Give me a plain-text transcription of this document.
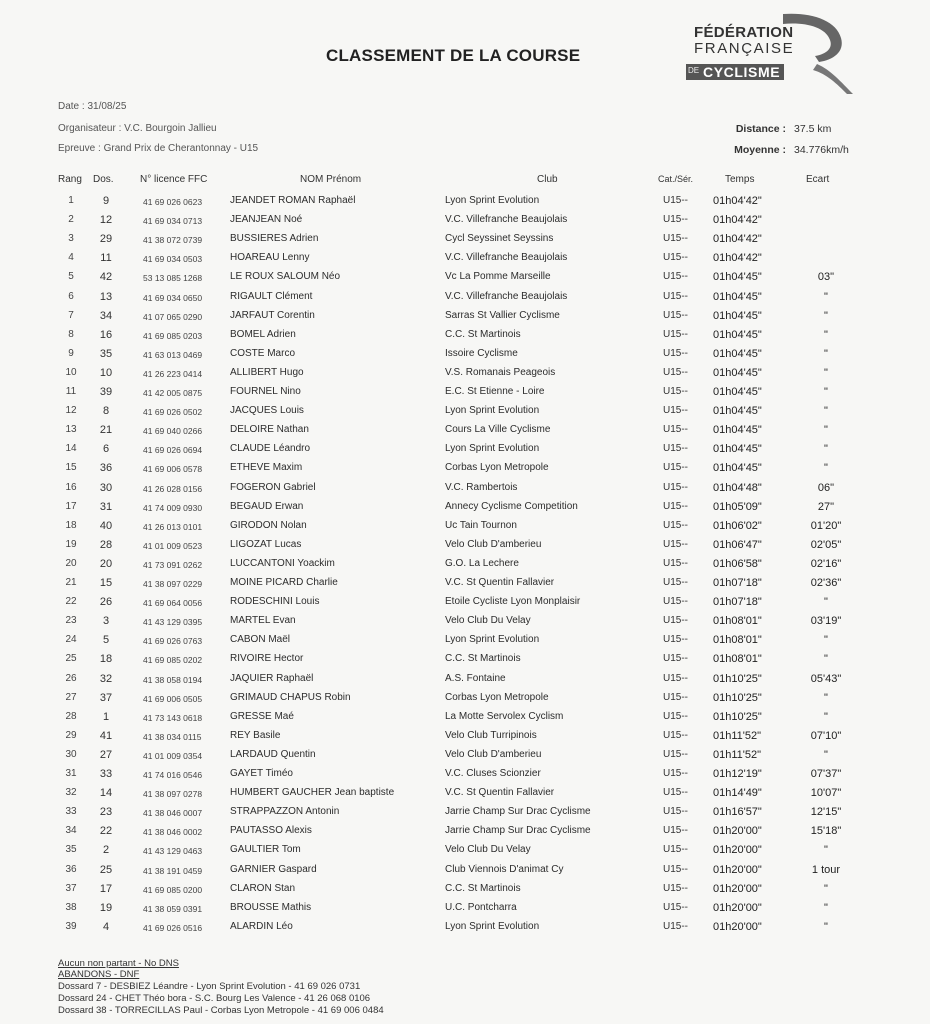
CLASSEMENT DE LA COURSE
FÉDÉRATION
FRANÇAISE
DE CYCLISME
Date : 31/08/25
Organisateur : V.C. Bourgoin Jallieu
Epreuve : Grand Prix de Cherantonnay - U15
Distance : 37.5 km
Moyenne : 34.776km/h
Rang Dos.	N° licence FFC	NOM Prénom	Club	Cat./Sér.	Temps	Ecart
1	9	41 69 026 0623	JEANDET ROMAN Raphaël	Lyon Sprint Evolution	U15-- 01h04'42"
2	12	41 69 034 0713	JEANJEAN Noé	V.C. Villefranche Beaujolais	U15-- 01h04'42"
3	29	41 38 072 0739	BUSSIERES Adrien	Cycl Seyssinet Seyssins	U15-- 01h04'42"
4	11	41 69 034 0503	HOAREAU Lenny	V.C. Villefranche Beaujolais	U15-- 01h04'42"
5	42	53 13 085 1268	LE ROUX SALOUM Néo	Vc La Pomme Marseille	U15-- 01h04'45"	03"
6	13	41 69 034 0650	RIGAULT Clément	V.C. Villefranche Beaujolais	U15-- 01h04'45"	"
7	34	41 07 065 0290	JARFAUT Corentin	Sarras St Vallier Cyclisme	U15-- 01h04'45"	"
8	16	41 69 085 0203	BOMEL Adrien	C.C. St Martinois	U15-- 01h04'45"	"
9	35	41 63 013 0469	COSTE Marco	Issoire Cyclisme	U15-- 01h04'45"	"
10	10	41 26 223 0414	ALLIBERT Hugo	V.S. Romanais Peageois	U15-- 01h04'45"	"
11	39	41 42 005 0875	FOURNEL Nino	E.C. St Etienne - Loire	U15-- 01h04'45"	"
12	8	41 69 026 0502	JACQUES Louis	Lyon Sprint Evolution	U15-- 01h04'45"	"
13	21	41 69 040 0266	DELOIRE Nathan	Cours La Ville Cyclisme	U15-- 01h04'45"	"
14	6	41 69 026 0694	CLAUDE Léandro	Lyon Sprint Evolution	U15-- 01h04'45"	"
15	36	41 69 006 0578	ETHEVE Maxim	Corbas Lyon Metropole	U15-- 01h04'45"	"
16	30	41 26 028 0156	FOGERON Gabriel	V.C. Rambertois	U15-- 01h04'48"	06"
17	31	41 74 009 0930	BEGAUD Erwan	Annecy Cyclisme Competition	U15-- 01h05'09"	27"
18	40	41 26 013 0101	GIRODON Nolan	Uc Tain Tournon	U15-- 01h06'02"	01'20"
19	28	41 01 009 0523	LIGOZAT Lucas	Velo Club D'amberieu	U15-- 01h06'47"	02'05"
20	20	41 73 091 0262	LUCCANTONI Yoackim	G.O. La Lechere	U15-- 01h06'58"	02'16"
21	15	41 38 097 0229	MOINE PICARD Charlie	V.C. St Quentin Fallavier	U15-- 01h07'18"	02'36"
22	26	41 69 064 0056	RODESCHINI Louis	Etoile Cycliste Lyon Monplaisir	U15-- 01h07'18"	"
23	3	41 43 129 0395	MARTEL Evan	Velo Club Du Velay	U15-- 01h08'01"	03'19"
24	5	41 69 026 0763	CABON Maël	Lyon Sprint Evolution	U15-- 01h08'01"	"
25	18	41 69 085 0202	RIVOIRE Hector	C.C. St Martinois	U15-- 01h08'01"	"
26	32	41 38 058 0194	JAQUIER Raphaël	A.S. Fontaine	U15-- 01h10'25"	05'43"
27	37	41 69 006 0505	GRIMAUD CHAPUS Robin	Corbas Lyon Metropole	U15-- 01h10'25"	"
28	1	41 73 143 0618	GRESSE Maé	La Motte Servolex Cyclism	U15-- 01h10'25"	"
29	41	41 38 034 0115	REY Basile	Velo Club Turripinois	U15-- 01h11'52"	07'10"
30	27	41 01 009 0354	LARDAUD Quentin	Velo Club D'amberieu	U15-- 01h11'52"	"
31	33	41 74 016 0546	GAYET Timéo	V.C. Cluses Scionzier	U15-- 01h12'19"	07'37"
32	14	41 38 097 0278	HUMBERT GAUCHER Jean baptiste	V.C. St Quentin Fallavier	U15-- 01h14'49"	10'07"
33	23	41 38 046 0007	STRAPPAZZON Antonin	Jarrie Champ Sur Drac Cyclisme	U15-- 01h16'57"	12'15"
34	22	41 38 046 0002	PAUTASSO Alexis	Jarrie Champ Sur Drac Cyclisme	U15-- 01h20'00"	15'18"
35	2	41 43 129 0463	GAULTIER Tom	Velo Club Du Velay	U15-- 01h20'00"	"
36	25	41 38 191 0459	GARNIER Gaspard	Club Viennois D'animat Cy	U15-- 01h20'00"	1 tour
37	17	41 69 085 0200	CLARON Stan	C.C. St Martinois	U15-- 01h20'00"	"
38	19	41 38 059 0391	BROUSSE Mathis	U.C. Pontcharra	U15-- 01h20'00"	"
39	4	41 69 026 0516	ALARDIN Léo	Lyon Sprint Evolution	U15-- 01h20'00"	"
Aucun non partant - No DNS
ABANDONS - DNF
Dossard 7 - DESBIEZ Léandre - Lyon Sprint Evolution - 41 69 026 0731
Dossard 24 - CHET Théo bora - S.C. Bourg Les Valence - 41 26 068 0106
Dossard 38 - TORRECILLAS Paul - Corbas Lyon Metropole - 41 69 006 0484
